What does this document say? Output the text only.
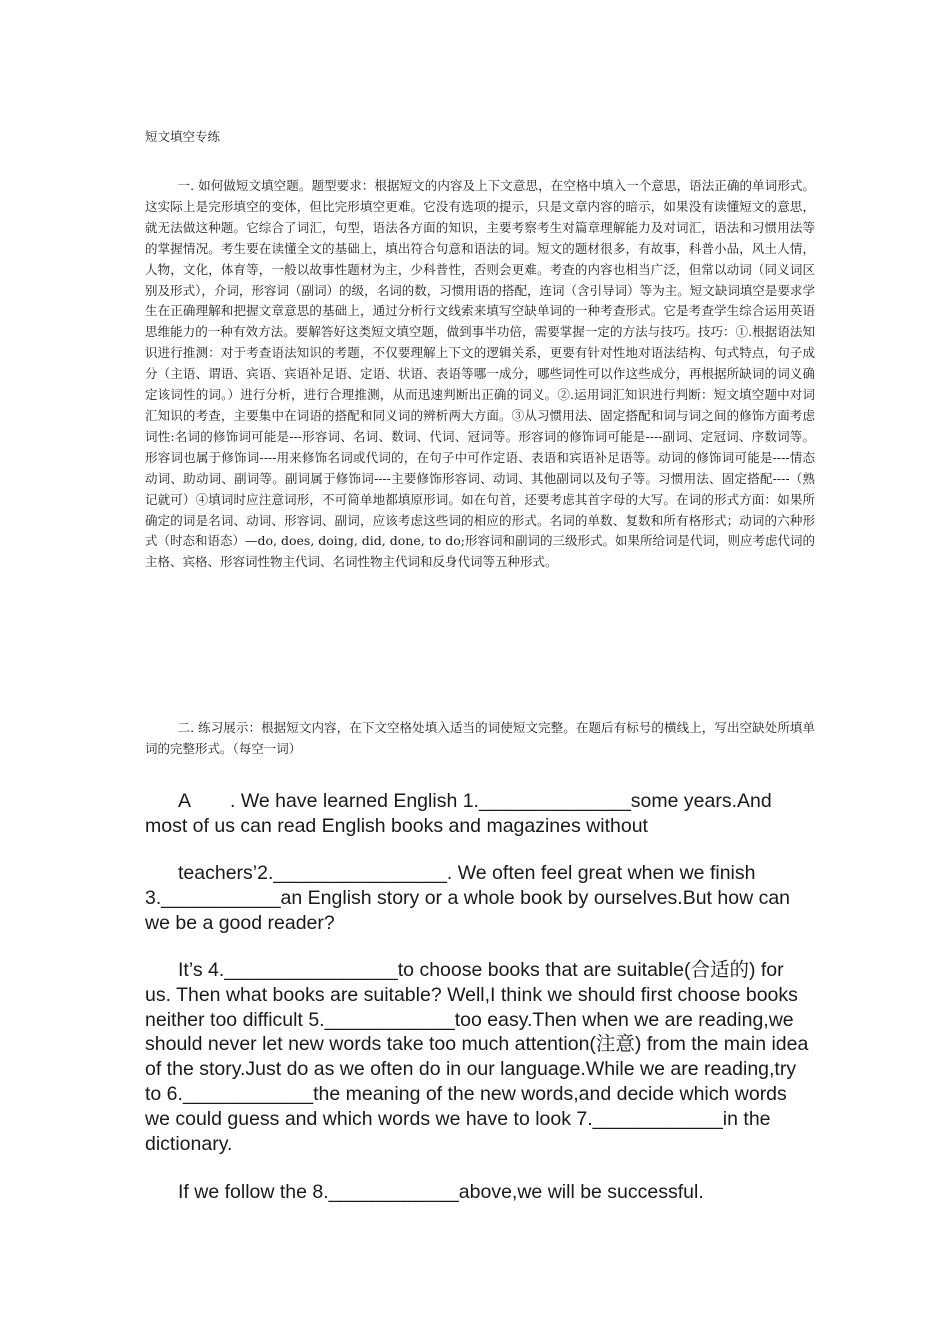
短文填空专练

一. 如何做短文填空题。题型要求：根据短文的内容及上下文意思，在空格中填入一个意思，语法正确的单词形式。这实际上是完形填空的变体，但比完形填空更难。它没有选项的提示，只是文章内容的暗示，如果没有读懂短文的意思，就无法做这种题。它综合了词汇，句型，语法各方面的知识，主要考察考生对篇章理解能力及对词汇，语法和习惯用法等的掌握情况。考生要在读懂全文的基础上，填出符合句意和语法的词。短文的题材很多，有故事，科普小品，风土人情，人物，文化，体育等，一般以故事性题材为主，少科普性，否则会更难。考查的内容也相当广泛，但常以动词（同义词区别及形式），介词，形容词（副词）的级，名词的数，习惯用语的搭配，连词（含引导词）等为主。短文缺词填空是要求学生在正确理解和把握文章意思的基础上，通过分析行文线索来填写空缺单词的一种考查形式。它是考查学生综合运用英语思维能力的一种有效方法。要解答好这类短文填空题，做到事半功倍，需要掌握一定的方法与技巧。技巧：①.根据语法知识进行推测：对于考查语法知识的考题，不仅要理解上下文的逻辑关系，更要有针对性地对语法结构、句式特点，句子成分（主语、谓语、宾语、宾语补足语、定语、状语、表语等哪一成分，哪些词性可以作这些成分，再根据所缺词的词义确定该词性的词。）进行分析，进行合理推测，从而迅速判断出正确的词义。②.运用词汇知识进行判断：短文填空题中对词汇知识的考查，主要集中在词语的搭配和同义词的辨析两大方面。③从习惯用法、固定搭配和词与词之间的修饰方面考虑词性:名词的修饰词可能是---形容词、名词、数词、代词、冠词等。形容词的修饰词可能是----副词、定冠词、序数词等。形容词也属于修饰词----用来修饰名词或代词的，在句子中可作定语、表语和宾语补足语等。动词的修饰词可能是----情态动词、助动词、副词等。副词属于修饰词----主要修饰形容词、动词、其他副词以及句子等。习惯用法、固定搭配----（熟记就可）④填词时应注意词形，不可简单地都填原形词。如在句首，还要考虑其首字母的大写。在词的形式方面：如果所确定的词是名词、动词、形容词、副词，应该考虑这些词的相应的形式。名词的单数、复数和所有格形式；动词的六种形式（时态和语态）—do, does, doing, did, done, to do;形容词和副词的三级形式。如果所给词是代词，则应考虑代词的主格、宾格、形容词性物主代词、名词性物主代词和反身代词等五种形式。

二. 练习展示：根据短文内容，在下文空格处填入适当的词使短文完整。在题后有标号的横线上，写出空缺处所填单词的完整形式。（每空一词）

A  . We have learned English 1.______________some years.And most of us can read English books and magazines without

teachers’2.________________. We often feel great when we finish 3.___________an English story or a whole book by ourselves.But how can we be a good reader?

It’s 4.________________to choose books that are suitable(合适的) for us. Then what books are suitable? Well,I think we should first choose books neither too difficult 5.____________too easy.Then when we are reading,we should never let new words take too much attention(注意) from the main idea of the story.Just do as we often do in our language.While we are reading,try to 6.____________the meaning of the new words,and decide which words we could guess and which words we have to look 7.____________in the dictionary.

If we follow the 8.____________above,we will be successful.
